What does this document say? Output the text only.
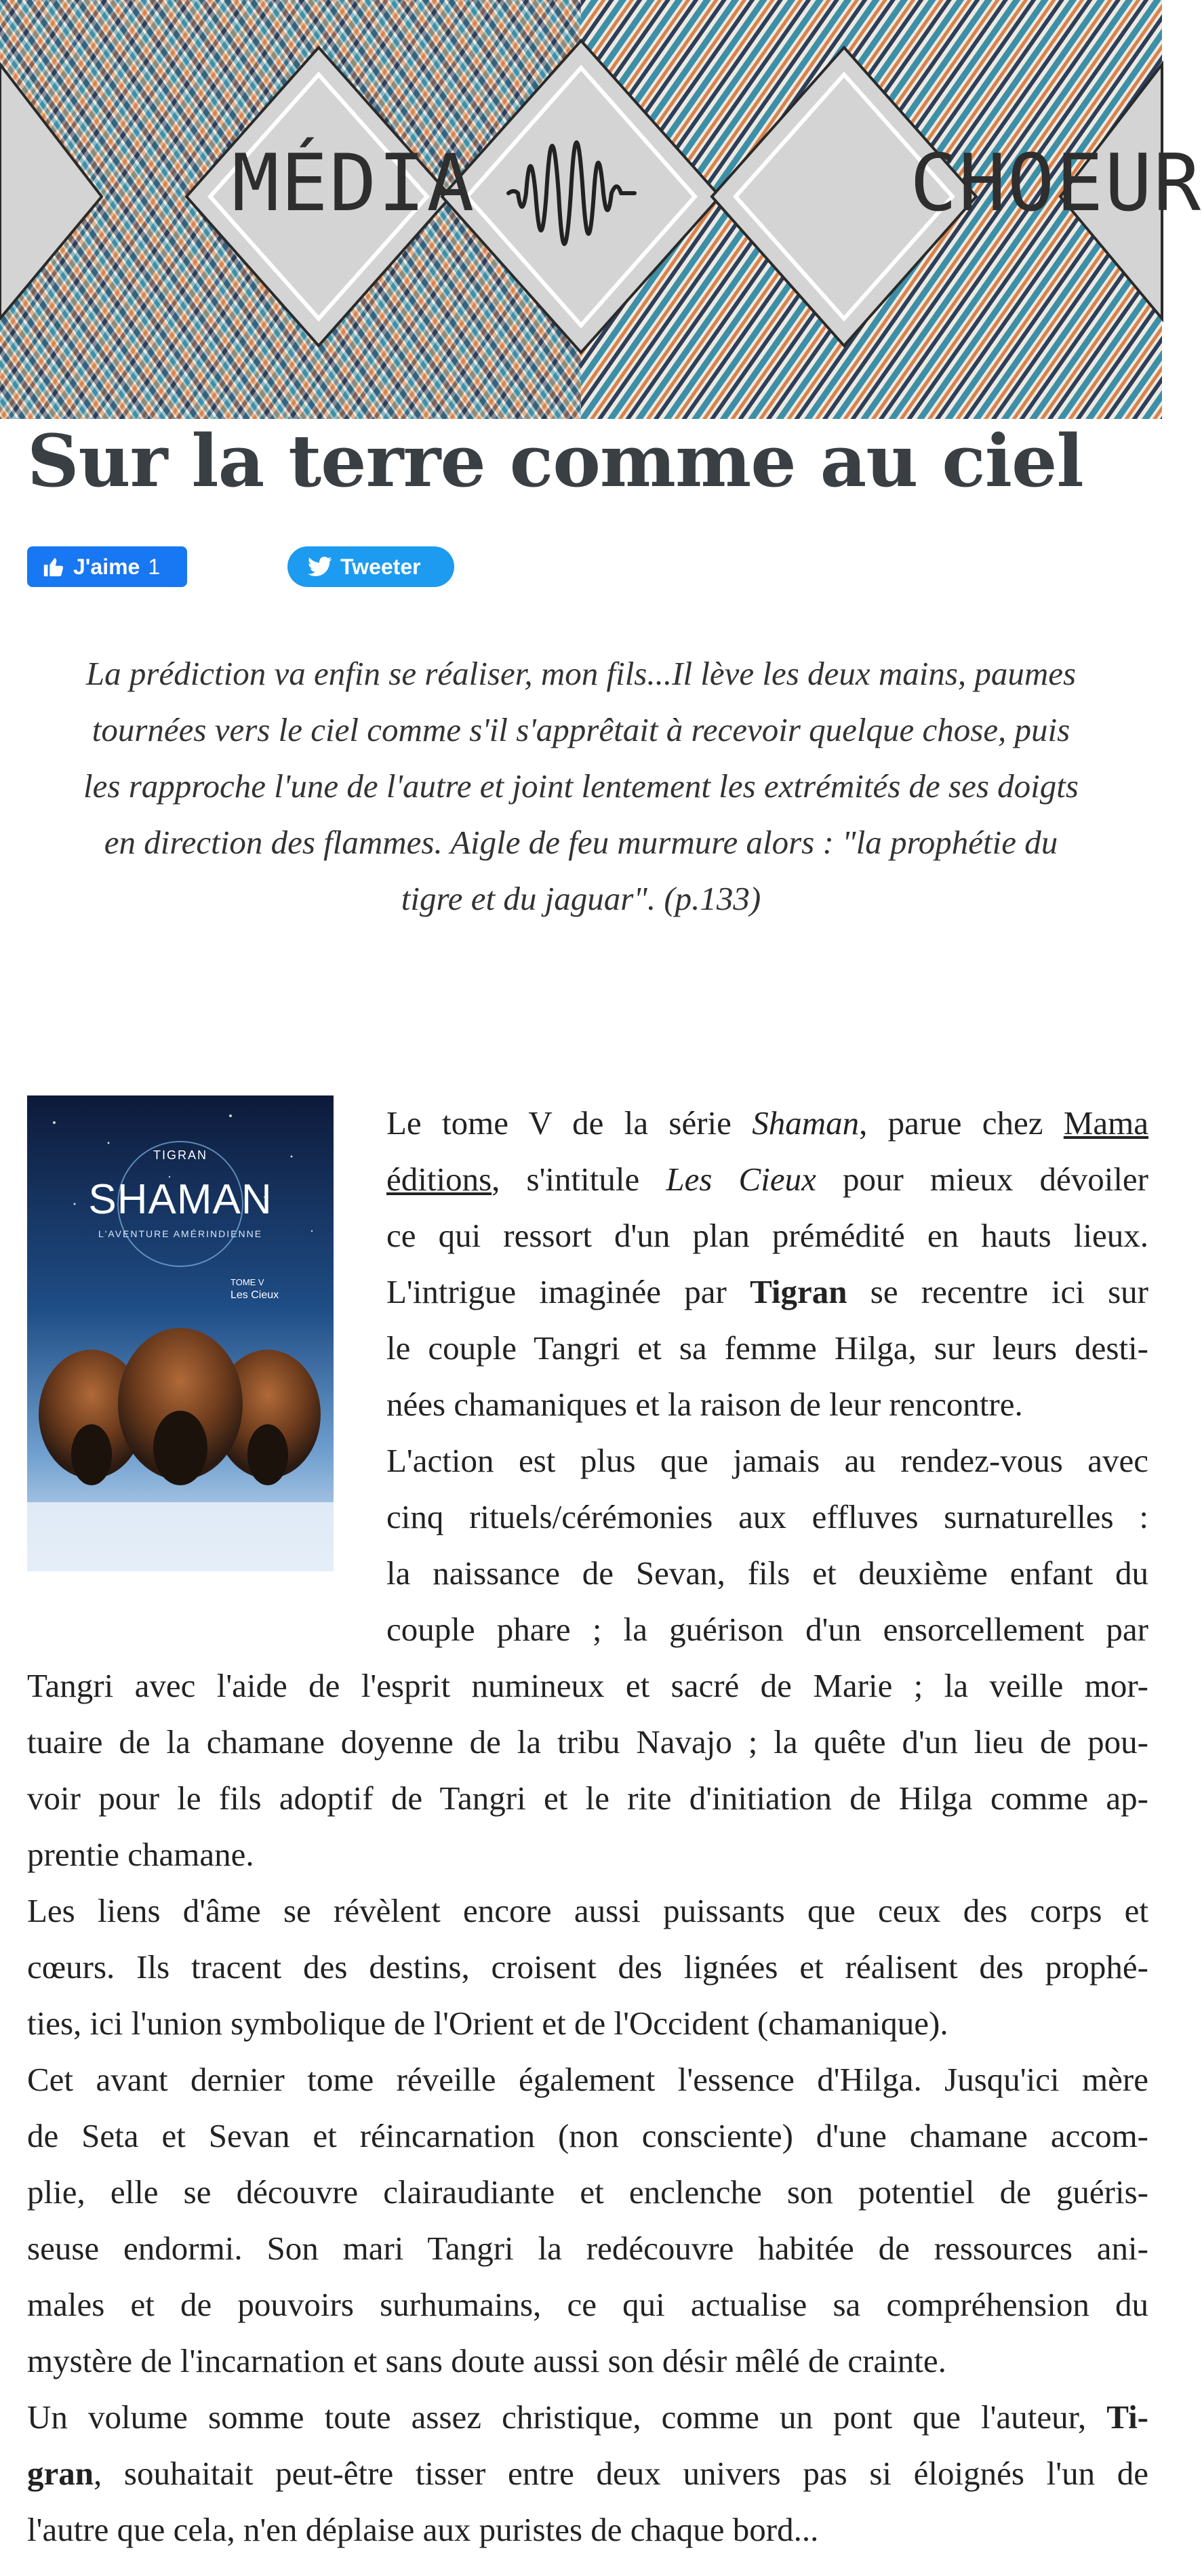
MÉDIA	CHOEUR
Sur la terre comme au ciel
J'aime 1	Tweeter
La prédiction va enfin se réaliser, mon fils...Il lève les deux mains, paumes
tournées vers le ciel comme s'il s'apprêtait à recevoir quelque chose, puis
les rapproche l'une de l'autre et joint lentement les extrémités de ses doigts
en direction des flammes. Aigle de feu murmure alors : "la prophétie du
tigre et du jaguar". (p.133)
TIGRAN
SHAMAN
L'AVENTURE AMÉRINDIENNE
TOME V
Les Cieux
Le tome V de la série Shaman, parue chez Mama
éditions, s'intitule Les Cieux pour mieux dévoiler
ce qui ressort d'un plan prémédité en hauts lieux.
L'intrigue imaginée par Tigran se recentre ici sur
le couple Tangri et sa femme Hilga, sur leurs desti-
nées chamaniques et la raison de leur rencontre.
L'action est plus que jamais au rendez-vous avec
cinq rituels/cérémonies aux effluves surnaturelles :
la naissance de Sevan, fils et deuxième enfant du
couple phare ; la guérison d'un ensorcellement par
Tangri avec l'aide de l'esprit numineux et sacré de Marie ; la veille mor-
tuaire de la chamane doyenne de la tribu Navajo ; la quête d'un lieu de pou-
voir pour le fils adoptif de Tangri et le rite d'initiation de Hilga comme ap-
prentie chamane.
Les liens d'âme se révèlent encore aussi puissants que ceux des corps et
cœurs. Ils tracent des destins, croisent des lignées et réalisent des prophé-
ties, ici l'union symbolique de l'Orient et de l'Occident (chamanique).
Cet avant dernier tome réveille également l'essence d'Hilga. Jusqu'ici mère
de Seta et Sevan et réincarnation (non consciente) d'une chamane accom-
plie, elle se découvre clairaudiante et enclenche son potentiel de guéris-
seuse endormi. Son mari Tangri la redécouvre habitée de ressources ani-
males et de pouvoirs surhumains, ce qui actualise sa compréhension du
mystère de l'incarnation et sans doute aussi son désir mêlé de crainte.
Un volume somme toute assez christique, comme un pont que l'auteur, Ti-
gran, souhaitait peut-être tisser entre deux univers pas si éloignés l'un de
l'autre que cela, n'en déplaise aux puristes de chaque bord...
